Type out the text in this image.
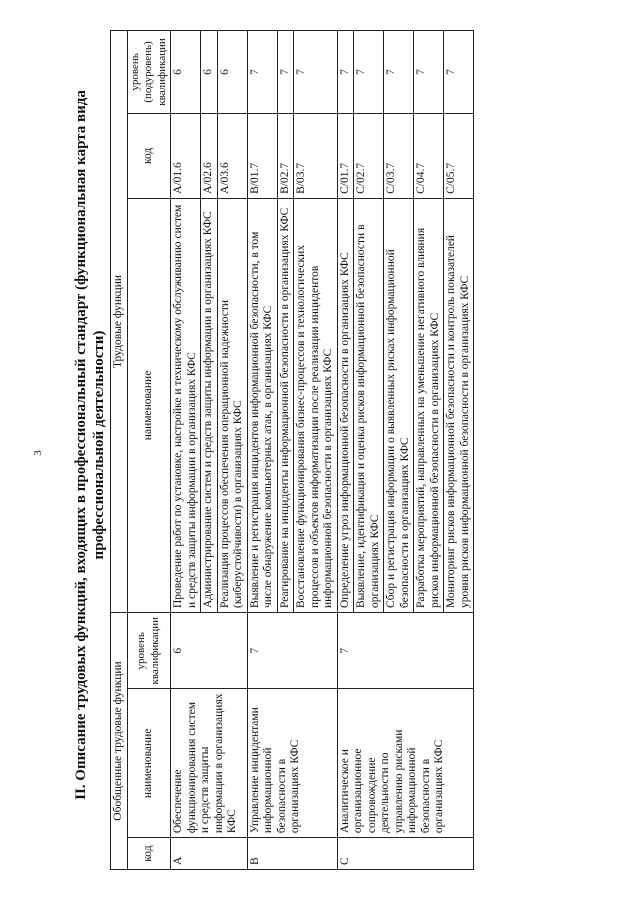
3 II. Описание трудовых функций, входящих в профессиональный стандарт (функциональная карта вида профессиональной деятельности)
Обобщенные трудовые функции			Трудовые функции		
код	наименование	уровень квалификации	наименование	код	уровень (подуровень) квалификации
A	Обеспечение функционирования систем и средств защиты информации в организациях КФС	6	Проведение работ по установке, настройке и техническому обслуживанию систем и средств защиты информации в организациях КФС	A/01.6	6
			Администрирование систем и средств защиты информации в организациях КФС	A/02.6	6
			Реализация процессов обеспечения операционной надежности (киберустойчивости) в организациях КФС	A/03.6	6
B	Управление инцидентами информационной безопасности в организациях КФС	7	Выявление и регистрация инцидентов информационной безопасности, в том числе обнаружение компьютерных атак, в организациях КФС	B/01.7	7
			Реагирование на инциденты информационной безопасности в организациях КФС	B/02.7	7
			Восстановление функционирования бизнес-процессов и технологических процессов и объектов информатизации после реализации инцидентов информационной безопасности в организациях КФС	B/03.7	7
C	Аналитическое и организационное сопровождение деятельности по управлению рисками информационной безопасности в организациях КФС	7	Определение угроз информационной безопасности в организациях КФС	C/01.7	7
			Выявление, идентификация и оценка рисков информационной безопасности в организациях КФС	C/02.7	7
			Сбор и регистрация информации о выявленных рисках информационной безопасности в организациях КФС	C/03.7	7
			Разработка мероприятий, направленных на уменьшение негативного влияния рисков информационной безопасности в организациях КФС	C/04.7	7
			Мониторинг рисков информационной безопасности и контроль показателей уровня рисков информационной безопасности в организациях КФС	C/05.7	7
